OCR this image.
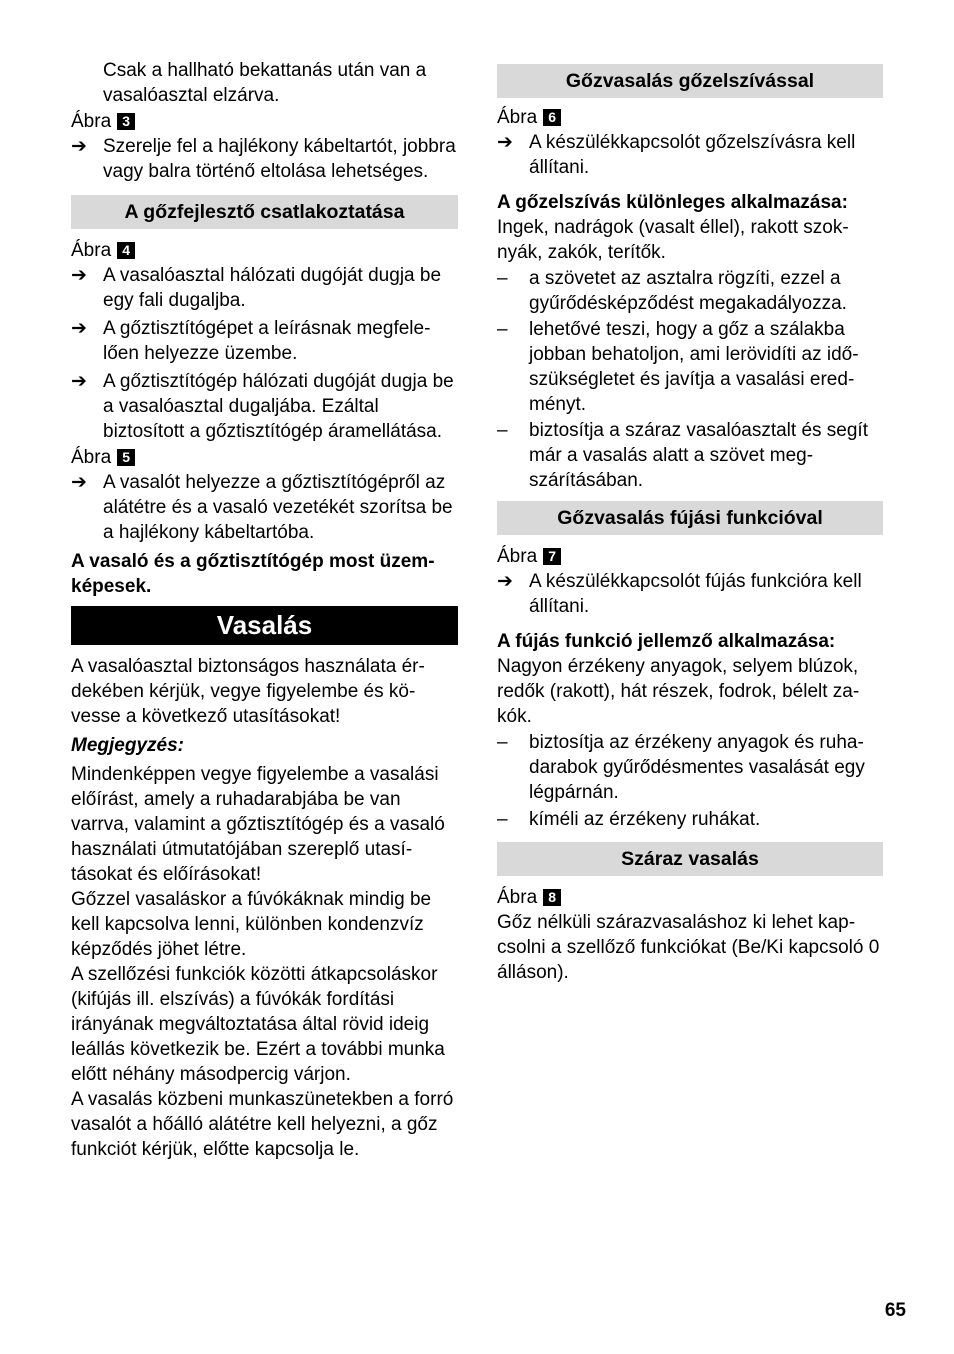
Csak a hallható bekattanás után van a vasalóasztal elzárva.

Ábra 3
➔ Szerelje fel a hajlékony kábeltartót, jobbra vagy balra történő eltolása lehetséges.
A gőzfejlesztő csatlakoztatása
Ábra 4
➔ A vasalóasztal hálózati dugóját dugja be egy fali dugaljba.
➔ A gőztisztítógépet a leírásnak megfelelően helyezze üzembe.
➔ A gőztisztítógép hálózati dugóját dugja be a vasalóasztal dugaljába. Ezáltal biztosított a gőztisztítógép áramellátása.
Ábra 5
➔ A vasalót helyezze a gőztisztítógépről az alátétre és a vasaló vezetékét szorítsa be a hajlékony kábeltartóba.

A vasaló és a gőztisztítógép most üzemképesek.

Vasalás

A vasalóasztal biztonságos használata érdekében kérjük, vegye figyelembe és kövesse a következő utasításokat!

Megjegyzés:

Mindenképpen vegye figyelembe a vasalási előírást, amely a ruhadarabjába be van varrva, valamint a gőztisztítógép és a vasaló használati útmutatójában szereplő utasításokat és előírásokat!

Gőzzel vasaláskor a fúvókáknak mindig be kell kapcsolva lenni, különben kondenzvíz képződés jöhet létre.

A szellőzési funkciók közötti átkapcsoláskor (kifújás ill. elszívás) a fúvókák fordítási irányának megváltoztatása által rövid ideig leállás következik be. Ezért a további munka előtt néhány másodpercig várjon.

A vasalás közbeni munkaszünetekben a forró vasalót a hőálló alátétre kell helyezni, a gőz funkciót kérjük, előtte kapcsolja le.

Gőzvasalás gőzelszívással
Ábra 6
➔ A készülékkapcsolót gőzelszívásra kell állítani.

A gőzelszívás különleges alkalmazása:

Ingek, nadrágok (vasalt éllel), rakott szoknyák, zakók, terítők.

–	a szövetet az asztalra rögzíti, ezzel a gyűrődésképződést megakadályozza.
–	lehetővé teszi, hogy a gőz a szálakba jobban behatoljon, ami lerövidíti az időszükségletet és javítja a vasalási eredményt.
–	biztosítja a száraz vasalóasztalt és segít már a vasalás alatt a szövet megszárításában.
Gőzvasalás fújási funkcióval
Ábra 7
➔ A készülékkapcsolót fújás funkcióra kell állítani.

A fújás funkció jellemző alkalmazása:

Nagyon érzékeny anyagok, selyem blúzok, redők (rakott), hát részek, fodrok, bélelt zakók.

–	biztosítja az érzékeny anyagok és ruhadarabok gyűrődésmentes vasalását egy légpárnán.
–	kíméli az érzékeny ruhákat.
Száraz vasalás
Ábra 8

Gőz nélküli szárazvasaláshoz ki lehet kapcsolni a szellőző funkciókat (Be/Ki kapcsoló 0 álláson).

65
